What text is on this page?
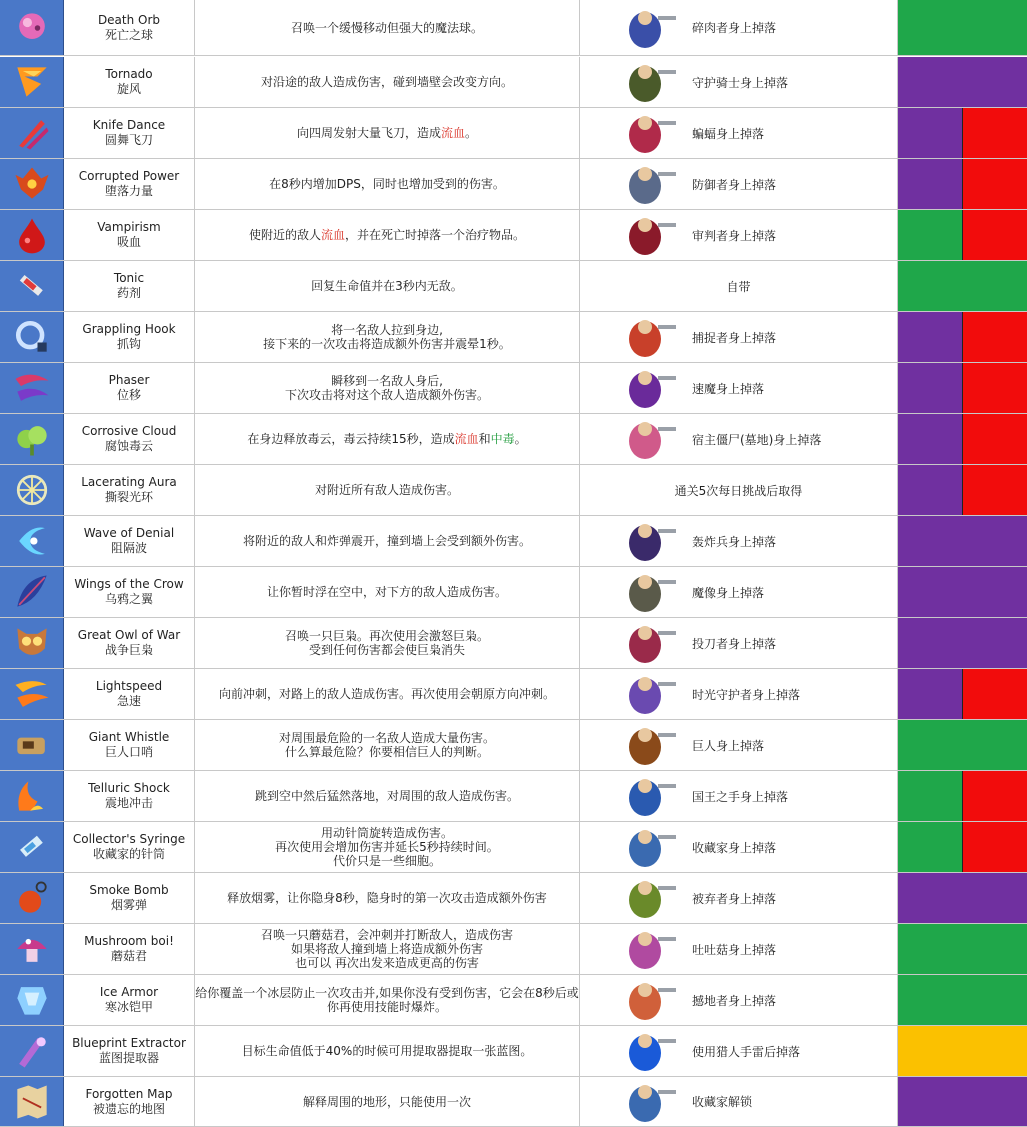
Death Orb
死亡之球	召唤一个缓慢移动但强大的魔法球。	碎肉者身上掉落
Tornado
旋风	对沿途的敌人造成伤害，碰到墙壁会改变方向。	守护骑士身上掉落
Knife Dance
圆舞飞刀	向四周发射大量飞刀，造成流血。	蝙蝠身上掉落
Corrupted Power
堕落力量	在8秒内增加DPS，同时也增加受到的伤害。	防御者身上掉落
Vampirism
吸血	使附近的敌人流血，并在死亡时掉落一个治疗物品。	审判者身上掉落
Tonic
药剂	回复生命值并在3秒内无敌。	自带
Grappling Hook
抓钩
将一名敌人拉到身边,
接下来的一次攻击将造成额外伤害并震晕1秒。	捕捉者身上掉落
Phaser
位移
瞬移到一名敌人身后,
下次攻击将对这个敌人造成额外伤害。	速魔身上掉落
Corrosive Cloud
腐蚀毒云	在身边释放毒云，毒云持续15秒，造成流血和中毒。	宿主僵尸(墓地)身上掉落
Lacerating Aura
撕裂光环	对附近所有敌人造成伤害。	通关5次每日挑战后取得
Wave of Denial
阻隔波	将附近的敌人和炸弹震开，撞到墙上会受到额外伤害。	轰炸兵身上掉落
Wings of the Crow
乌鸦之翼	让你暂时浮在空中，对下方的敌人造成伤害。	魔像身上掉落
Great Owl of War
战争巨枭
召唤一只巨枭。再次使用会激怒巨枭。
受到任何伤害都会使巨枭消失	投刀者身上掉落
Lightspeed
急速	向前冲刺，对路上的敌人造成伤害。再次使用会朝原方向冲刺。	时光守护者身上掉落
Giant Whistle
巨人口哨
对周围最危险的一名敌人造成大量伤害。
什么算最危险？你要相信巨人的判断。	巨人身上掉落
Telluric Shock
震地冲击	跳到空中然后猛然落地，对周围的敌人造成伤害。	国王之手身上掉落
Collector's Syringe
收藏家的针筒
用动针筒旋转造成伤害。
再次使用会增加伤害并延长5秒持续时间。
代价只是一些细胞。
收藏家身上掉落
Smoke Bomb
烟雾弹	释放烟雾，让你隐身8秒，隐身时的第一次攻击造成额外伤害	被弃者身上掉落
Mushroom boi!
蘑菇君
召唤一只蘑菇君，会冲刺并打断敌人，造成伤害
如果将敌人撞到墙上将造成额外伤害
也可以 再次出发来造成更高的伤害
吐吐菇身上掉落
Ice Armor
寒冰铠甲
给你覆盖一个冰层防止一次攻击并,如果你没有受到伤害，它会在8秒后或你再使用技能时爆炸。	撼地者身上掉落
Blueprint Extractor
蓝图提取器	目标生命值低于40%的时候可用提取器提取一张蓝图。	使用猎人手雷后掉落
Forgotten Map
被遗忘的地图	解释周围的地形，只能使用一次	收藏家解锁
